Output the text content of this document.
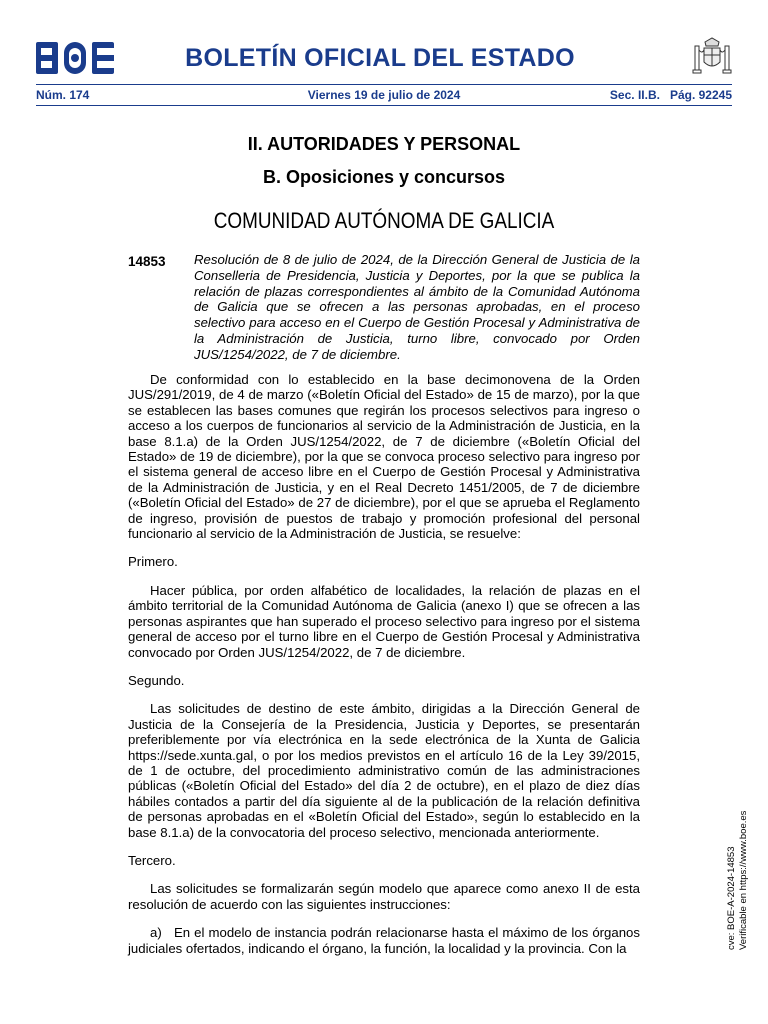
BOLETÍN OFICIAL DEL ESTADO
Núm. 174	Viernes 19 de julio de 2024	Sec. II.B.   Pág. 92245
II. AUTORIDADES Y PERSONAL
B. Oposiciones y concursos
COMUNIDAD AUTÓNOMA DE GALICIA
14853 Resolución de 8 de julio de 2024, de la Dirección General de Justicia de la Conselleria de Presidencia, Justicia y Deportes, por la que se publica la relación de plazas correspondientes al ámbito de la Comunidad Autónoma de Galicia que se ofrecen a las personas aprobadas, en el proceso selectivo para acceso en el Cuerpo de Gestión Procesal y Administrativa de la Administración de Justicia, turno libre, convocado por Orden JUS/1254/2022, de 7 de diciembre.

De conformidad con lo establecido en la base decimonovena de la Orden JUS/291/2019, de 4 de marzo («Boletín Oficial del Estado» de 15 de marzo), por la que se establecen las bases comunes que regirán los procesos selectivos para ingreso o acceso a los cuerpos de funcionarios al servicio de la Administración de Justicia, en la base 8.1.a) de la Orden JUS/1254/2022, de 7 de diciembre («Boletín Oficial del Estado» de 19 de diciembre), por la que se convoca proceso selectivo para ingreso por el sistema general de acceso libre en el Cuerpo de Gestión Procesal y Administrativa de la Administración de Justicia, y en el Real Decreto 1451/2005, de 7 de diciembre («Boletín Oficial del Estado» de 27 de diciembre), por el que se aprueba el Reglamento de ingreso, provisión de puestos de trabajo y promoción profesional del personal funcionario al servicio de la Administración de Justicia, se resuelve:

Primero.

Hacer pública, por orden alfabético de localidades, la relación de plazas en el ámbito territorial de la Comunidad Autónoma de Galicia (anexo I) que se ofrecen a las personas aspirantes que han superado el proceso selectivo para ingreso por el sistema general de acceso por el turno libre en el Cuerpo de Gestión Procesal y Administrativa convocado por Orden JUS/1254/2022, de 7 de diciembre.

Segundo.

Las solicitudes de destino de este ámbito, dirigidas a la Dirección General de Justicia de la Consejería de la Presidencia, Justicia y Deportes, se presentarán preferiblemente por vía electrónica en la sede electrónica de la Xunta de Galicia https://sede.xunta.gal, o por los medios previstos en el artículo 16 de la Ley 39/2015, de 1 de octubre, del procedimiento administrativo común de las administraciones públicas («Boletín Oficial del Estado» del día 2 de octubre), en el plazo de diez días hábiles contados a partir del día siguiente al de la publicación de la relación definitiva de personas aprobadas en el «Boletín Oficial del Estado», según lo establecido en la base 8.1.a) de la convocatoria del proceso selectivo, mencionada anteriormente.

Tercero.

Las solicitudes se formalizarán según modelo que aparece como anexo II de esta resolución de acuerdo con las siguientes instrucciones:

a)   En el modelo de instancia podrán relacionarse hasta el máximo de los órganos judiciales ofertados, indicando el órgano, la función, la localidad y la provincia. Con la	cve: BOE-A-2024-14853 Verificable en https://www.boe.es
